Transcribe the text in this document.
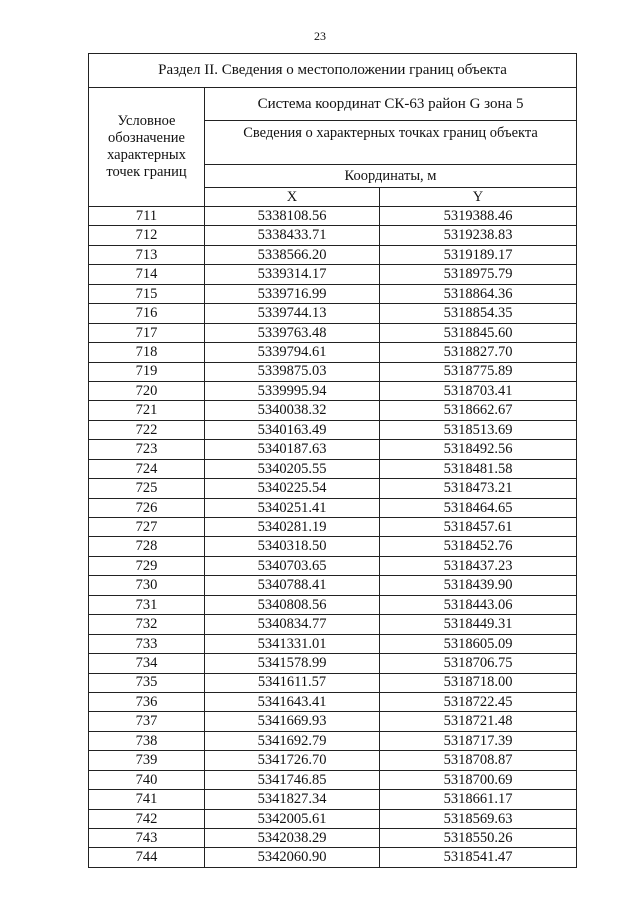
23
Раздел II. Сведения о местоположении границ объекта		
Условное обозначение характерных точек границ	Система координат СК-63 район G зона 5	
	Сведения о характерных точках границ объекта	
	Координаты, м	
	X	Y
711	5338108.56	5319388.46
712	5338433.71	5319238.83
713	5338566.20	5319189.17
714	5339314.17	5318975.79
715	5339716.99	5318864.36
716	5339744.13	5318854.35
717	5339763.48	5318845.60
718	5339794.61	5318827.70
719	5339875.03	5318775.89
720	5339995.94	5318703.41
721	5340038.32	5318662.67
722	5340163.49	5318513.69
723	5340187.63	5318492.56
724	5340205.55	5318481.58
725	5340225.54	5318473.21
726	5340251.41	5318464.65
727	5340281.19	5318457.61
728	5340318.50	5318452.76
729	5340703.65	5318437.23
730	5340788.41	5318439.90
731	5340808.56	5318443.06
732	5340834.77	5318449.31
733	5341331.01	5318605.09
734	5341578.99	5318706.75
735	5341611.57	5318718.00
736	5341643.41	5318722.45
737	5341669.93	5318721.48
738	5341692.79	5318717.39
739	5341726.70	5318708.87
740	5341746.85	5318700.69
741	5341827.34	5318661.17
742	5342005.61	5318569.63
743	5342038.29	5318550.26
744	5342060.90	5318541.47
